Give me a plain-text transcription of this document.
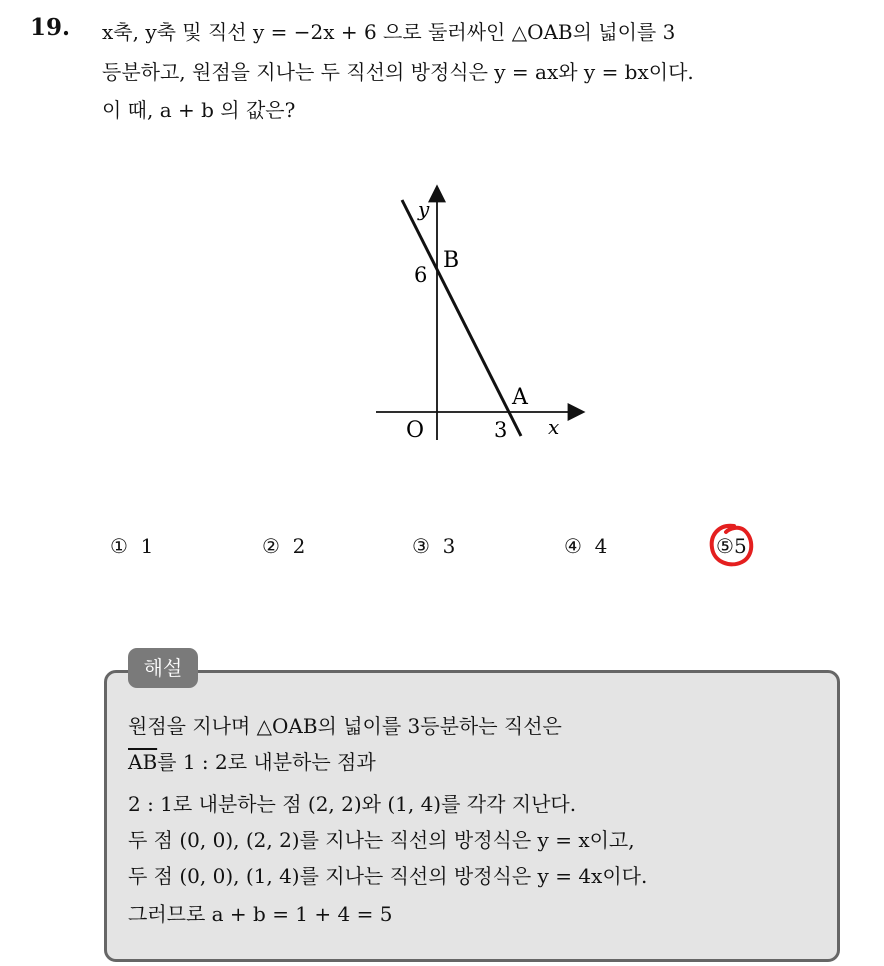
19. x축, y축 및 직선 y = −2x + 6 으로 둘러싸인 △OAB의 넓이를 3
등분하고, 원점을 지나는 두 직선의 방정식은 y = ax와 y = bx이다.
이 때, a + b 의 값은?
y
x
B
6
A
O	3
① 1	② 2	③ 3	④ 4	⑤5
해설
원점을 지나며 △OAB의 넓이를 3등분하는 직선은
$\overline{AB}$를 1 : 2로 내분하는 점과
2 : 1로 내분하는 점 (2, 2)와 (1, 4)를 각각 지난다.
두 점 (0, 0), (2, 2)를 지나는 직선의 방정식은 y = x이고,
두 점 (0, 0), (1, 4)를 지나는 직선의 방정식은 y = 4x이다.
그러므로 a + b = 1 + 4 = 5
